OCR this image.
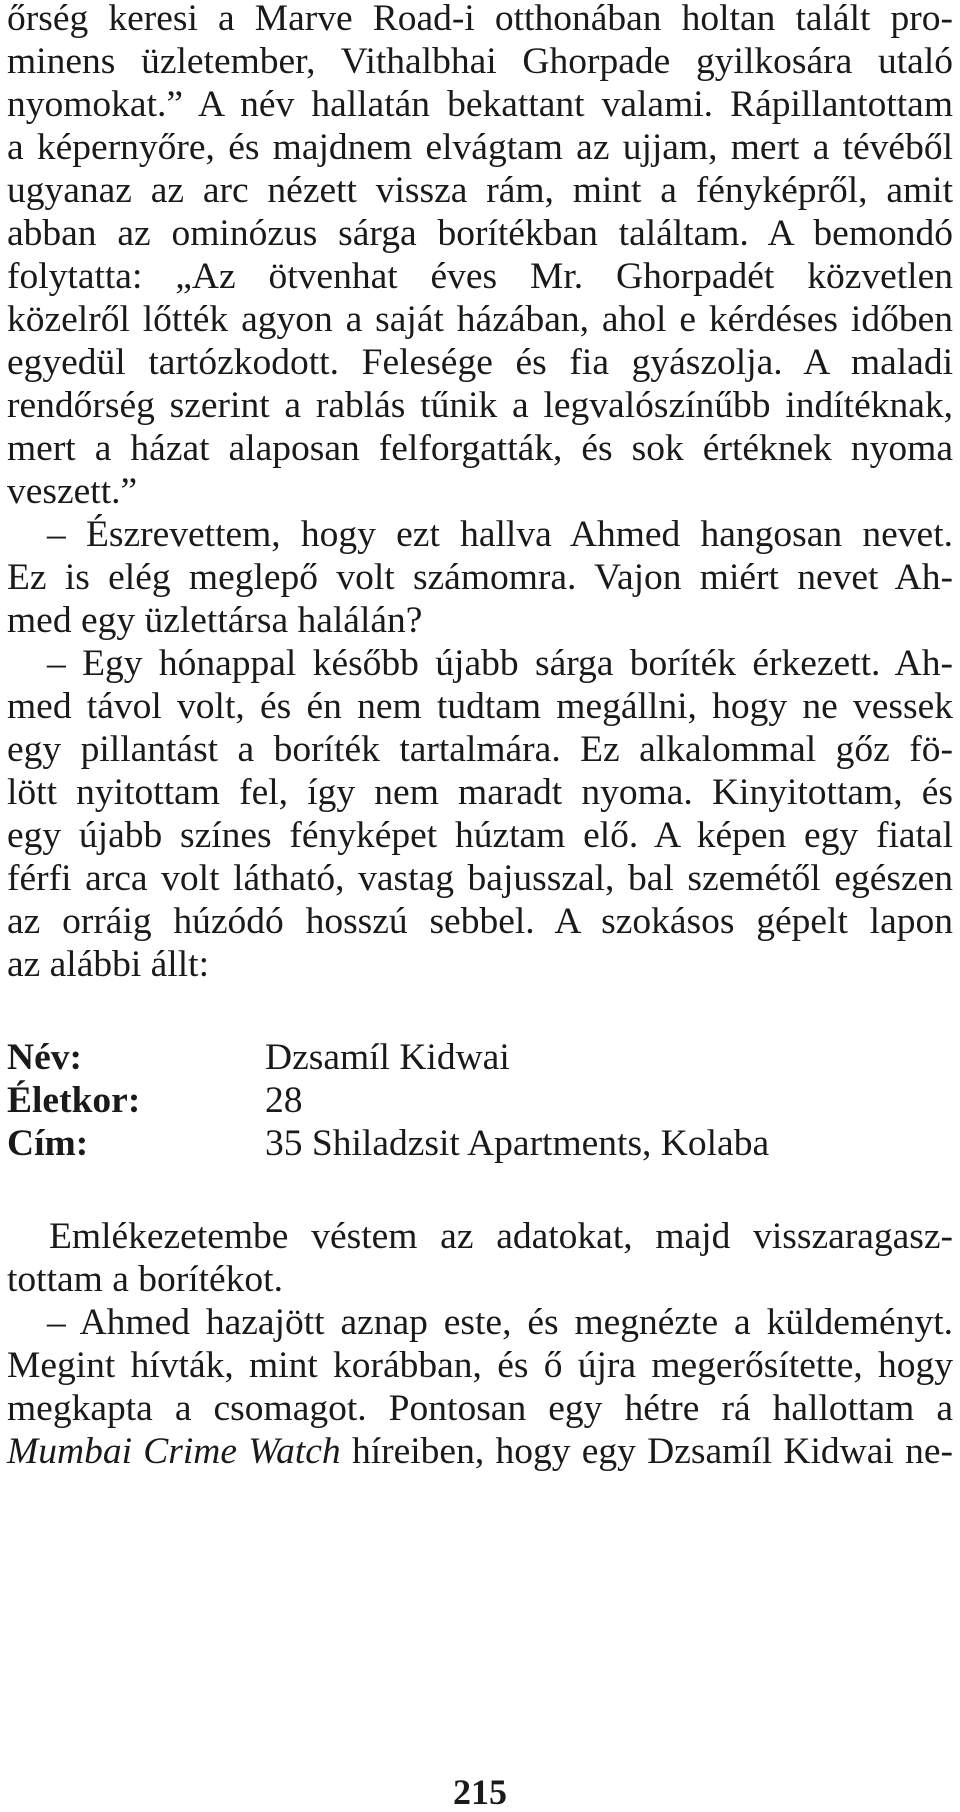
őrség keresi a Marve Road-i otthonában holtan talált pro-
minens üzletember, Vithalbhai Ghorpade gyilkosára utaló
nyomokat.” A név hallatán bekattant valami. Rápillantottam
a képernyőre, és majdnem elvágtam az ujjam, mert a tévéből
ugyanaz az arc nézett vissza rám, mint a fényképről, amit
abban az ominózus sárga borítékban találtam. A bemondó
folytatta: „Az ötvenhat éves Mr. Ghorpadét közvetlen
közelről lőtték agyon a saját házában, ahol e kérdéses időben
egyedül tartózkodott. Felesége és fia gyászolja. A maladi
rendőrség szerint a rablás tűnik a legvalószínűbb indítéknak,
mert a házat alaposan felforgatták, és sok értéknek nyoma
veszett.”
– Észrevettem, hogy ezt hallva Ahmed hangosan nevet.
Ez is elég meglepő volt számomra. Vajon miért nevet Ah-
med egy üzlettársa halálán?
– Egy hónappal később újabb sárga boríték érkezett. Ah-
med távol volt, és én nem tudtam megállni, hogy ne vessek
egy pillantást a boríték tartalmára. Ez alkalommal gőz fö-
lött nyitottam fel, így nem maradt nyoma. Kinyitottam, és
egy újabb színes fényképet húztam elő. A képen egy fiatal
férfi arca volt látható, vastag bajusszal, bal szemétől egészen
az orráig húzódó hosszú sebbel. A szokásos gépelt lapon
az alábbi állt:
Név:	Dzsamíl Kidwai
Életkor:	28
Cím:	35 Shiladzsit Apartments, Kolaba
Emlékezetembe véstem az adatokat, majd visszaragasz-
tottam a borítékot.
– Ahmed hazajött aznap este, és megnézte a küldeményt.
Megint hívták, mint korábban, és ő újra megerősítette, hogy
megkapta a csomagot. Pontosan egy hétre rá hallottam a
Mumbai Crime Watch híreiben, hogy egy Dzsamíl Kidwai ne-
215
